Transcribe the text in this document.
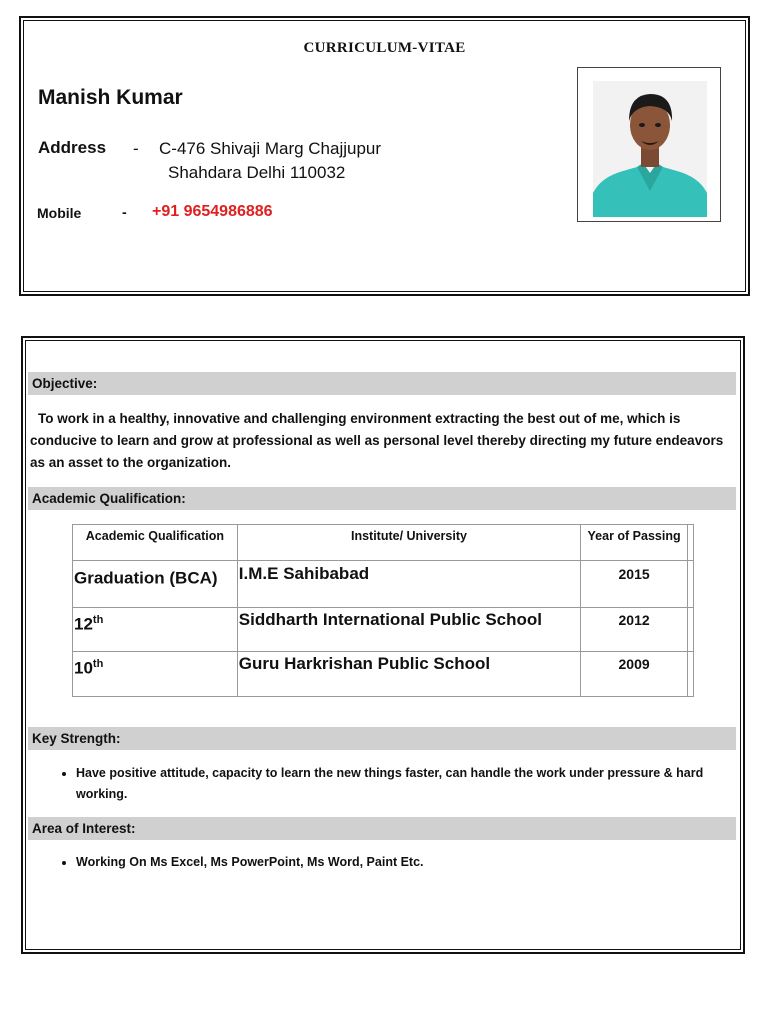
CURRICULUM-VITAE
Manish Kumar
Address - C-476 Shivaji Marg Chajjupur
Shahdara Delhi 110032
Mobile	- +91 9654986886
Objective:
To work in a healthy, innovative and challenging environment extracting the best out of me, which is conducive to learn and grow at professional as well as personal level thereby directing my future endeavors as an asset to the organization.
Academic Qualification:
Academic Qualification	Institute/ University	Year of Passing	
Graduation (BCA)	I.M.E Sahibabad	2015	
12th	Siddharth International Public School	2012	
10th	Guru Harkrishan Public School	2009	
Key Strength:
• Have positive attitude, capacity to learn the new things faster, can handle the work under pressure & hard working.
Area of Interest:
• Working On Ms Excel, Ms PowerPoint, Ms Word, Paint Etc.
